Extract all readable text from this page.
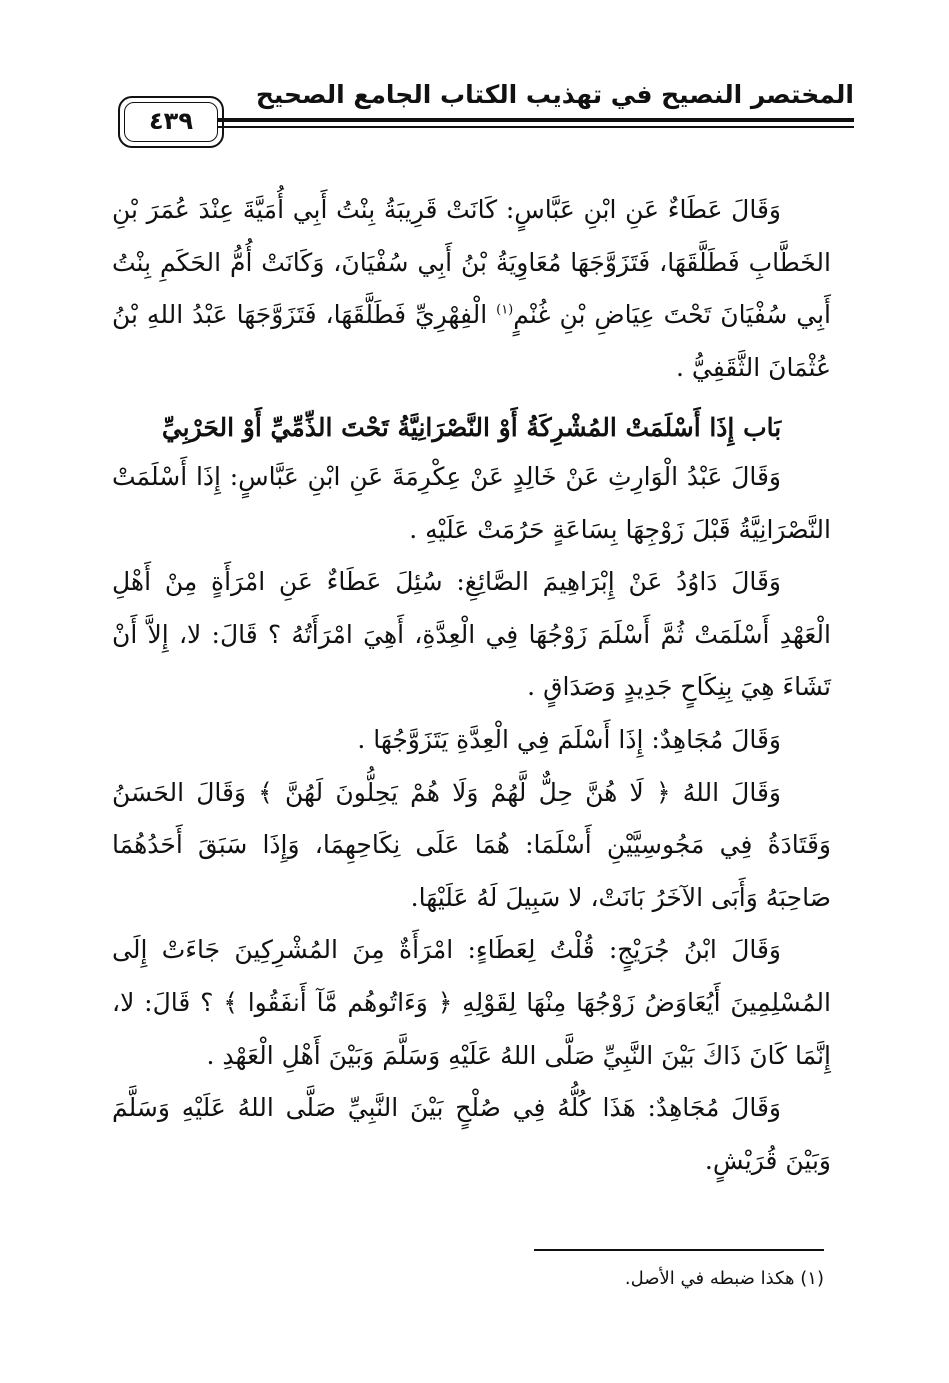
المختصر النصيح في تهذيب الكتاب الجامع الصحيح
٤٣٩

وَقَالَ عَطَاءٌ عَنِ ابْنِ عَبَّاسٍ: كَانَتْ قَرِيبَةُ بِنْتُ أَبِي أُمَيَّةَ عِنْدَ عُمَرَ بْنِ الخَطَّابِ فَطَلَّقَهَا، فَتَزَوَّجَهَا مُعَاوِيَةُ بْنُ أَبِي سُفْيَانَ، وَكَانَتْ أُمُّ الحَكَمِ بِنْتُ أَبِي سُفْيَانَ تَحْتَ عِيَاضِ بْنِ غُنْمٍ$^{(١)}$ الْفِهْرِيِّ فَطَلَّقَهَا، فَتَزَوَّجَهَا عَبْدُ اللهِ بْنُ عُثْمَانَ الثَّقَفِيُّ .

بَاب إِذَا أَسْلَمَتْ المُشْرِكَةُ أَوْ النَّصْرَانِيَّةُ تَحْتَ الذِّمِّيِّ أَوْ الحَرْبِيِّ

وَقَالَ عَبْدُ الْوَارِثِ عَنْ خَالِدٍ عَنْ عِكْرِمَةَ عَنِ ابْنِ عَبَّاسٍ: إِذَا أَسْلَمَتْ النَّصْرَانِيَّةُ قَبْلَ زَوْجِهَا بِسَاعَةٍ حَرُمَتْ عَلَيْهِ .

وَقَالَ دَاوُدُ عَنْ إِبْرَاهِيمَ الصَّائِغِ: سُئِلَ عَطَاءٌ عَنِ امْرَأَةٍ مِنْ أَهْلِ الْعَهْدِ أَسْلَمَتْ ثُمَّ أَسْلَمَ زَوْجُهَا فِي الْعِدَّةِ، أَهِيَ امْرَأَتُهُ ؟ قَالَ: لا، إِلاَّ أَنْ تَشَاءَ هِيَ بِنِكَاحٍ جَدِيدٍ وَصَدَاقٍ .

وَقَالَ مُجَاهِدٌ: إِذَا أَسْلَمَ فِي الْعِدَّةِ يَتَزَوَّجُهَا .

وَقَالَ اللهُ ﴿ لَا هُنَّ حِلٌّ لَّهُمْ وَلَا هُمْ يَحِلُّونَ لَهُنَّ ﴾ وَقَالَ الحَسَنُ وَقَتَادَةُ فِي مَجُوسِيَّيْنِ أَسْلَمَا: هُمَا عَلَى نِكَاحِهِمَا، وَإِذَا سَبَقَ أَحَدُهُمَا صَاحِبَهُ وَأَبَى الآخَرُ بَانَتْ، لا سَبِيلَ لَهُ عَلَيْهَا.

وَقَالَ ابْنُ جُرَيْجٍ: قُلْتُ لِعَطَاءٍ: امْرَأَةٌ مِنَ المُشْرِكِينَ جَاءَتْ إِلَى المُسْلِمِينَ أَيُعَاوَضُ زَوْجُهَا مِنْهَا لِقَوْلِهِ ﴿ وَءَاتُوهُم مَّآ أَنفَقُوا ﴾ ؟ قَالَ: لا، إِنَّمَا كَانَ ذَاكَ بَيْنَ النَّبِيِّ صَلَّى اللهُ عَلَيْهِ وَسَلَّمَ وَبَيْنَ أَهْلِ الْعَهْدِ .

وَقَالَ مُجَاهِدٌ: هَذَا كُلُّهُ فِي صُلْحٍ بَيْنَ النَّبِيِّ صَلَّى اللهُ عَلَيْهِ وَسَلَّمَ وَبَيْنَ قُرَيْشٍ.

(١) هكذا ضبطه في الأصل.
